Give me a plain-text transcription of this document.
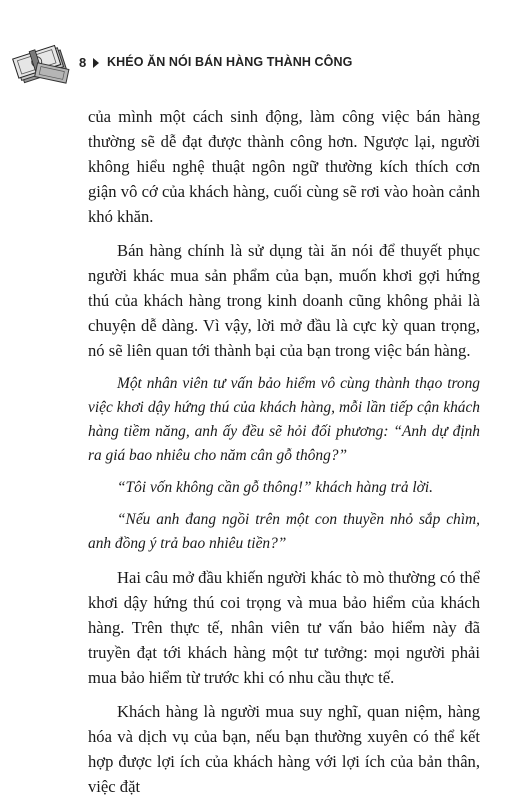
8 KHÉO ĂN NÓI BÁN HÀNG THÀNH CÔNG

của mình một cách sinh động, làm công việc bán hàng thường sẽ dễ đạt được thành công hơn. Ngược lại, người không hiểu nghệ thuật ngôn ngữ thường kích thích cơn giận vô cớ của khách hàng, cuối cùng sẽ rơi vào hoàn cảnh khó khăn.

Bán hàng chính là sử dụng tài ăn nói để thuyết phục người khác mua sản phẩm của bạn, muốn khơi gợi hứng thú của khách hàng trong kinh doanh cũng không phải là chuyện dễ dàng. Vì vậy, lời mở đầu là cực kỳ quan trọng, nó sẽ liên quan tới thành bại của bạn trong việc bán hàng.

Một nhân viên tư vấn bảo hiểm vô cùng thành thạo trong việc khơi dậy hứng thú của khách hàng, mỗi lần tiếp cận khách hàng tiềm năng, anh ấy đều sẽ hỏi đối phương: “Anh dự định ra giá bao nhiêu cho năm cân gỗ thông?”

“Tôi vốn không cần gỗ thông!” khách hàng trả lời.

“Nếu anh đang ngồi trên một con thuyền nhỏ sắp chìm, anh đồng ý trả bao nhiêu tiền?”

Hai câu mở đầu khiến người khác tò mò thường có thể khơi dậy hứng thú coi trọng và mua bảo hiểm của khách hàng. Trên thực tế, nhân viên tư vấn bảo hiểm này đã truyền đạt tới khách hàng một tư tưởng: mọi người phải mua bảo hiểm từ trước khi có nhu cầu thực tế.

Khách hàng là người mua suy nghĩ, quan niệm, hàng hóa và dịch vụ của bạn, nếu bạn thường xuyên có thể kết hợp được lợi ích của khách hàng với lợi ích của bản thân, việc đặt
